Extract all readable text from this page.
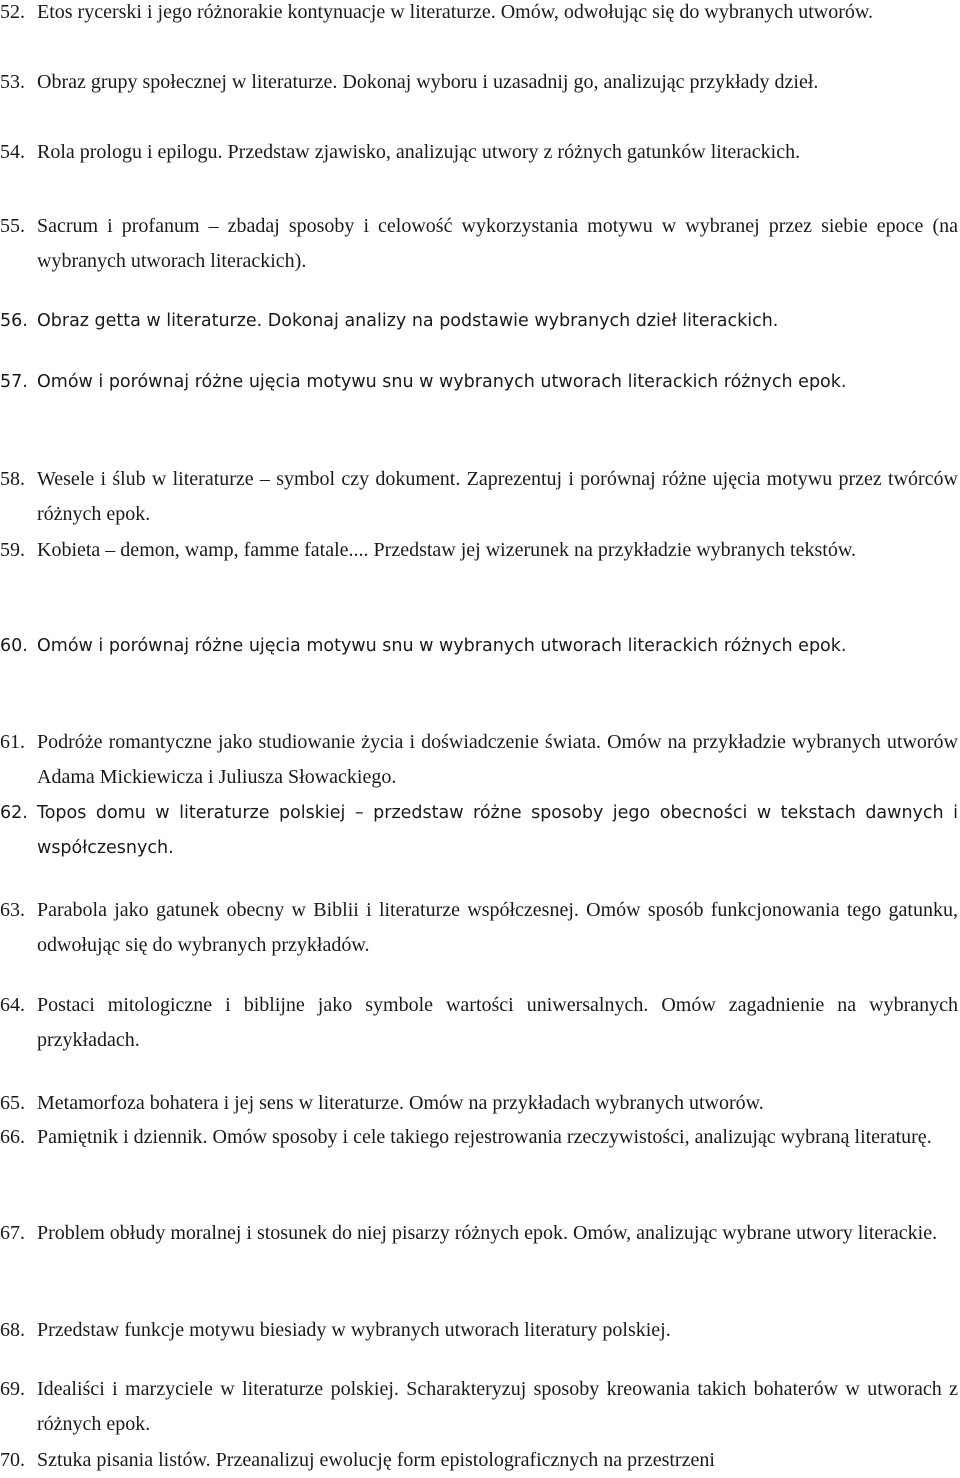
52. Etos rycerski i jego różnorakie kontynuacje w literaturze. Omów, odwołując się do wybranych utworów.
53. Obraz grupy społecznej w literaturze. Dokonaj wyboru i uzasadnij go, analizując przykłady dzieł.
54. Rola prologu i epilogu. Przedstaw zjawisko, analizując utwory z różnych gatunków literackich.
55. Sacrum i profanum – zbadaj sposoby i celowość wykorzystania motywu w wybranej przez siebie epoce (na wybranych utworach literackich).
56. Obraz getta w literaturze. Dokonaj analizy na podstawie wybranych dzieł literackich.
57. Omów i porównaj różne ujęcia motywu snu w wybranych utworach literackich różnych epok.
58. Wesele i ślub w literaturze – symbol czy dokument. Zaprezentuj i porównaj różne ujęcia motywu przez twórców różnych epok.
59. Kobieta – demon, wamp, famme fatale.... Przedstaw jej wizerunek na przykładzie wybranych tekstów.
60. Omów i porównaj różne ujęcia motywu snu w wybranych utworach literackich różnych epok.
61. Podróże romantyczne jako studiowanie życia i doświadczenie świata. Omów na przykładzie wybranych utworów Adama Mickiewicza i Juliusza Słowackiego.
62. Topos domu w literaturze polskiej – przedstaw różne sposoby jego obecności w tekstach dawnych i współczesnych.
63. Parabola jako gatunek obecny w Biblii i literaturze współczesnej. Omów sposób funkcjonowania tego gatunku, odwołując się do wybranych przykładów.
64. Postaci mitologiczne i biblijne jako symbole wartości uniwersalnych. Omów zagadnienie na wybranych przykładach.
65. Metamorfoza bohatera i jej sens w literaturze. Omów na przykładach wybranych utworów.
66. Pamiętnik i dziennik. Omów sposoby i cele takiego rejestrowania rzeczywistości, analizując wybraną literaturę.
67. Problem obłudy moralnej i stosunek do niej pisarzy różnych epok. Omów, analizując wybrane utwory literackie.
68. Przedstaw funkcje motywu biesiady w wybranych utworach literatury polskiej.
69. Idealiści i marzyciele w literaturze polskiej. Scharakteryzuj sposoby kreowania takich bohaterów w utworach z różnych epok.
70. Sztuka pisania listów. Przeanalizuj ewolucję form epistolograficznych na przestrzeni
